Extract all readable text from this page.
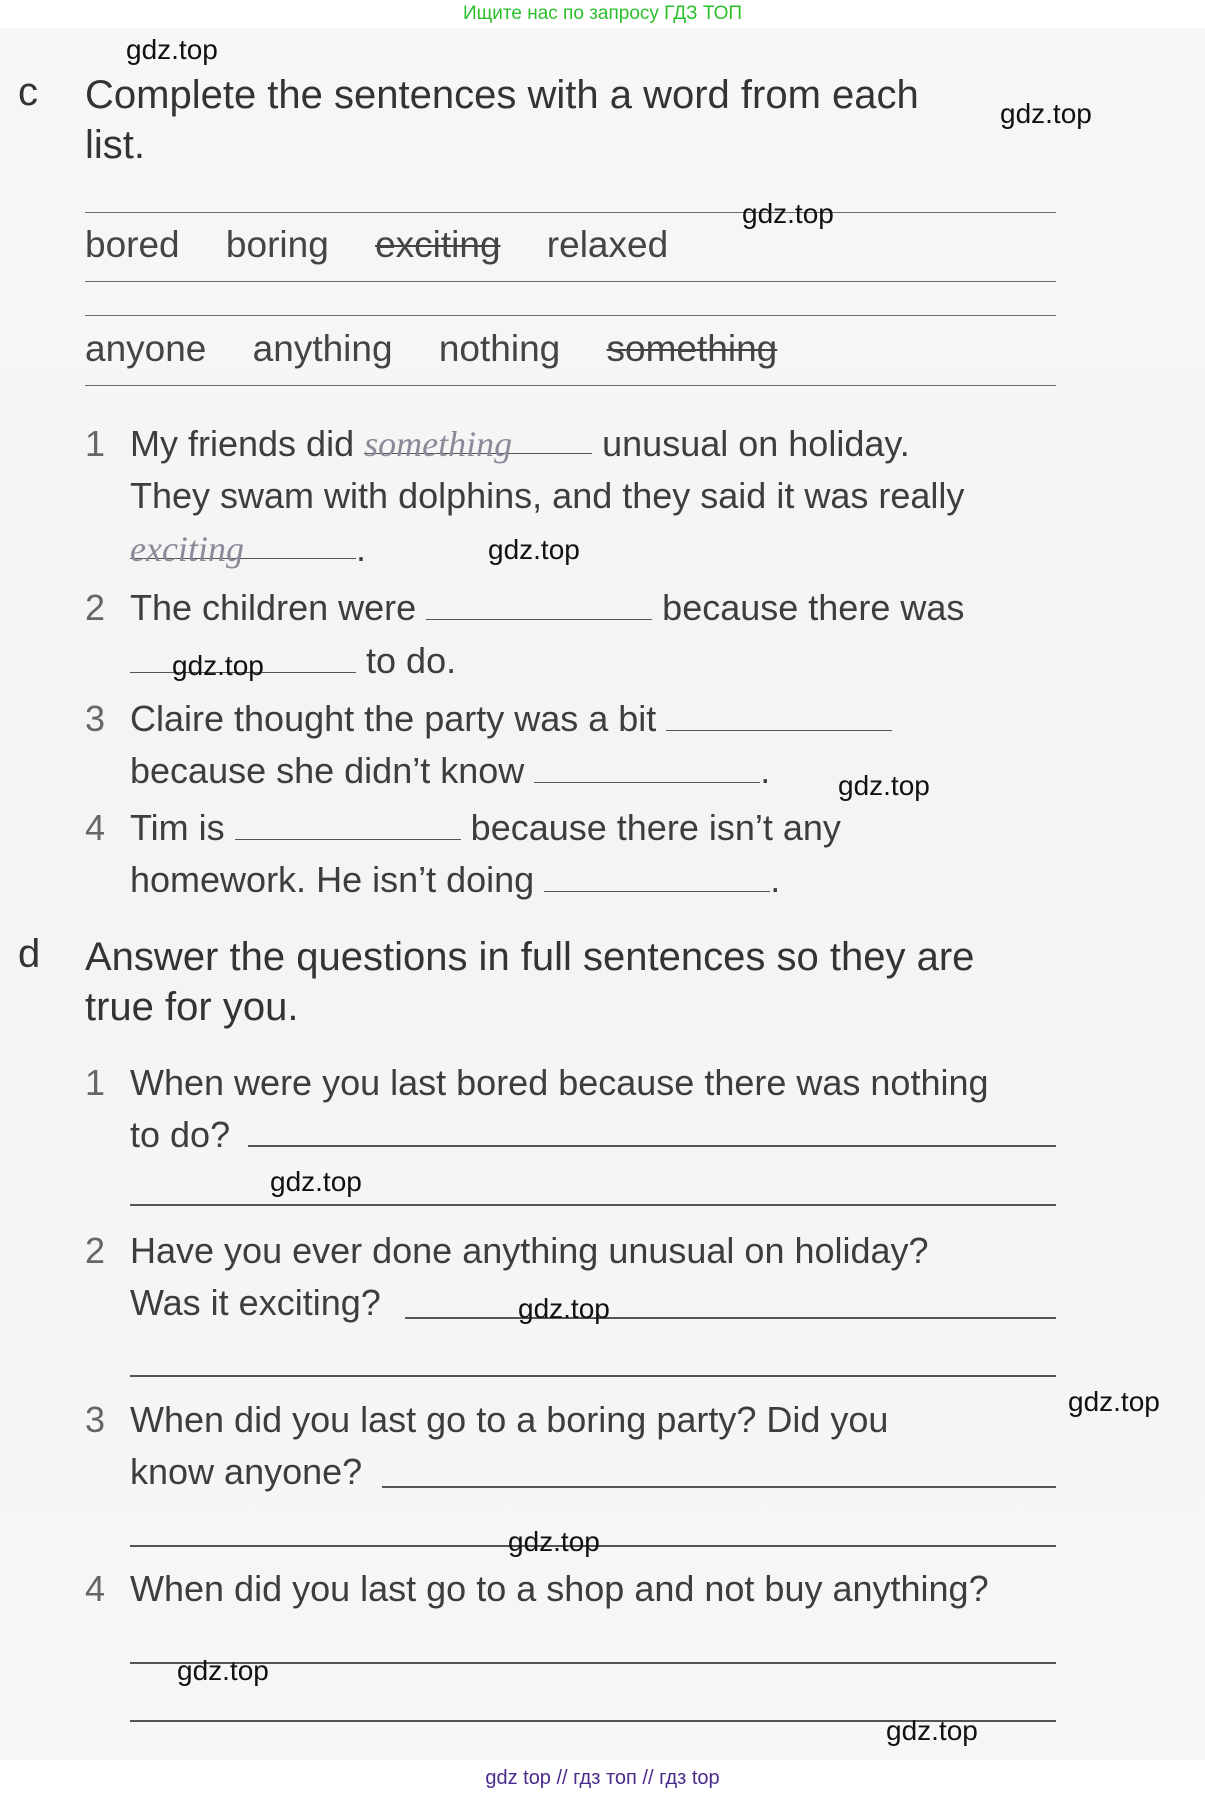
Ищите нас по запросу ГДЗ ТОП
c Complete the sentences with a word from each
list.
bored boring exciting relaxed
anyone anything nothing something
1 My friends did something	unusual on holiday.
They swam with dolphins, and they said it was really
exciting	.
2 The children were	because there was
to do.
3 Claire thought the party was a bit
because she didn’t know	.
4 Tim is	because there isn’t any
homework. He isn’t doing	.
d Answer the questions in full sentences so they are
true for you.
1 When were you last bored because there was nothing
to do?
2 Have you ever done anything unusual on holiday?
Was it exciting?
3 When did you last go to a boring party? Did you
know anyone?
4 When did you last go to a shop and not buy anything?
gdz.top
gdz.top
gdz.top
gdz.top
gdz.top
gdz.top
gdz.top
gdz.top
gdz.top
gdz.top
gdz.top
gdz.top
gdz top // гдз топ // гдз top
